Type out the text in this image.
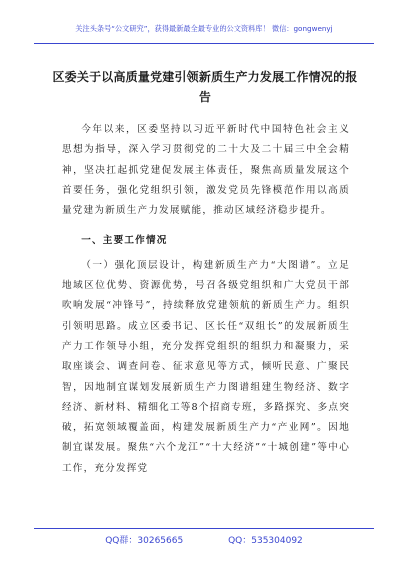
关注头条号“公文研究”，获得最新最全最专业的公文资料库！ 微信：gongwenyj
区委关于以高质量党建引领新质生产力发展工作情况的报告

今年以来，区委坚持以习近平新时代中国特色社会主义思想为指导，深入学习贯彻党的二十大及二十届三中全会精神，坚决扛起抓党建促发展主体责任，聚焦高质量发展这个首要任务，强化党组织引领，激发党员先锋模范作用以高质量党建为新质生产力发展赋能，推动区域经济稳步提升。

一、主要工作情况

（一）强化顶层设计，构建新质生产力“大图谱”。立足地域区位优势、资源优势，号召各级党组织和广大党员干部吹响发展“冲锋号”，持续释放党建领航的新质生产力。组织引领明思路。成立区委书记、区长任“双组长”的发展新质生产力工作领导小组，充分发挥党组织的组织力和凝聚力，采取座谈会、调查问卷、征求意见等方式，倾听民意、广聚民智，因地制宜谋划发展新质生产力图谱组建生物经济、数字经济、新材料、精细化工等8个招商专班，多路探究、多点突破，拓宽领域覆盖面，构建发展新质生产力“产业网”。因地制宜谋发展。聚焦“六个龙江”“十大经济”“十城创建”等中心工作，充分发挥党

QQ群：30265665	QQ：535304092
